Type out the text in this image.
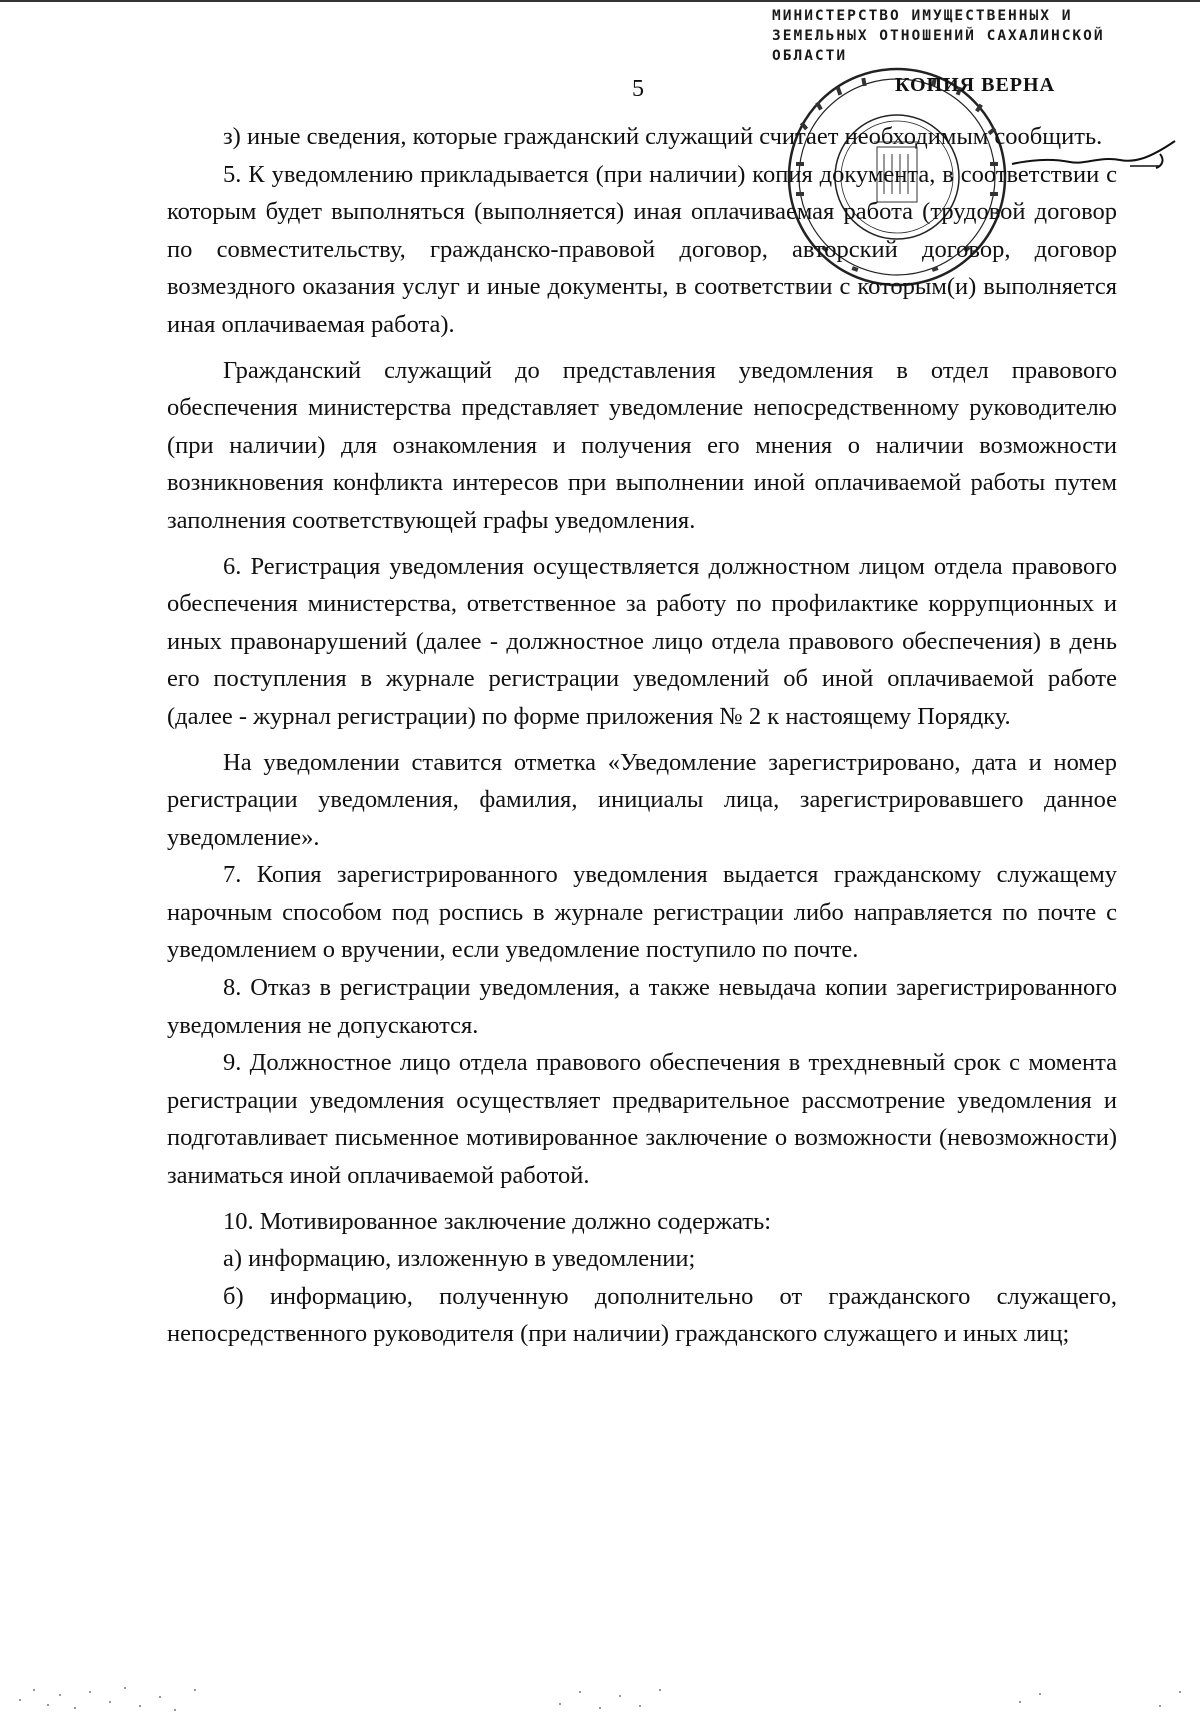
МИНИСТЕРСТВО ИМУЩЕСТВЕННЫХ И
ЗЕМЕЛЬНЫХ ОТНОШЕНИЙ САХАЛИНСКОЙ
ОБЛАСТИ
КОПИЯ ВЕРНА
5

з) иные сведения, которые гражданский служащий считает необходимым сообщить.

5. К уведомлению прикладывается (при наличии) копия документа, в соответствии с которым будет выполняться (выполняется) иная оплачиваемая работа (трудовой договор по совместительству, гражданско-правовой договор, авторский договор, договор возмездного оказания услуг и иные документы, в соответствии с которым(и) выполняется иная оплачиваемая работа).

Гражданский служащий до представления уведомления в отдел правового обеспечения министерства представляет уведомление непосредственному руководителю (при наличии) для ознакомления и получения его мнения о наличии возможности возникновения конфликта интересов при выполнении иной оплачиваемой работы путем заполнения соответствующей графы уведомления.

6. Регистрация уведомления осуществляется должностном лицом отдела правового обеспечения министерства, ответственное за работу по профилактике коррупционных и иных правонарушений (далее - должностное лицо отдела правового обеспечения) в день его поступления в журнале регистрации уведомлений об иной оплачиваемой работе (далее - журнал регистрации) по форме приложения № 2 к настоящему Порядку.

На уведомлении ставится отметка «Уведомление зарегистрировано, дата и номер регистрации уведомления, фамилия, инициалы лица, зарегистрировавшего данное уведомление».

7. Копия зарегистрированного уведомления выдается гражданскому служащему нарочным способом под роспись в журнале регистрации либо направляется по почте с уведомлением о вручении, если уведомление поступило по почте.

8. Отказ в регистрации уведомления, а также невыдача копии зарегистрированного уведомления не допускаются.

9. Должностное лицо отдела правового обеспечения в трехдневный срок с момента регистрации уведомления осуществляет предварительное рассмотрение уведомления и подготавливает письменное мотивированное заключение о возможности (невозможности) заниматься иной оплачиваемой работой.

10. Мотивированное заключение должно содержать:

а) информацию, изложенную в уведомлении;

б) информацию, полученную дополнительно от гражданского служащего, непосредственного руководителя (при наличии) гражданского служащего и иных лиц;
